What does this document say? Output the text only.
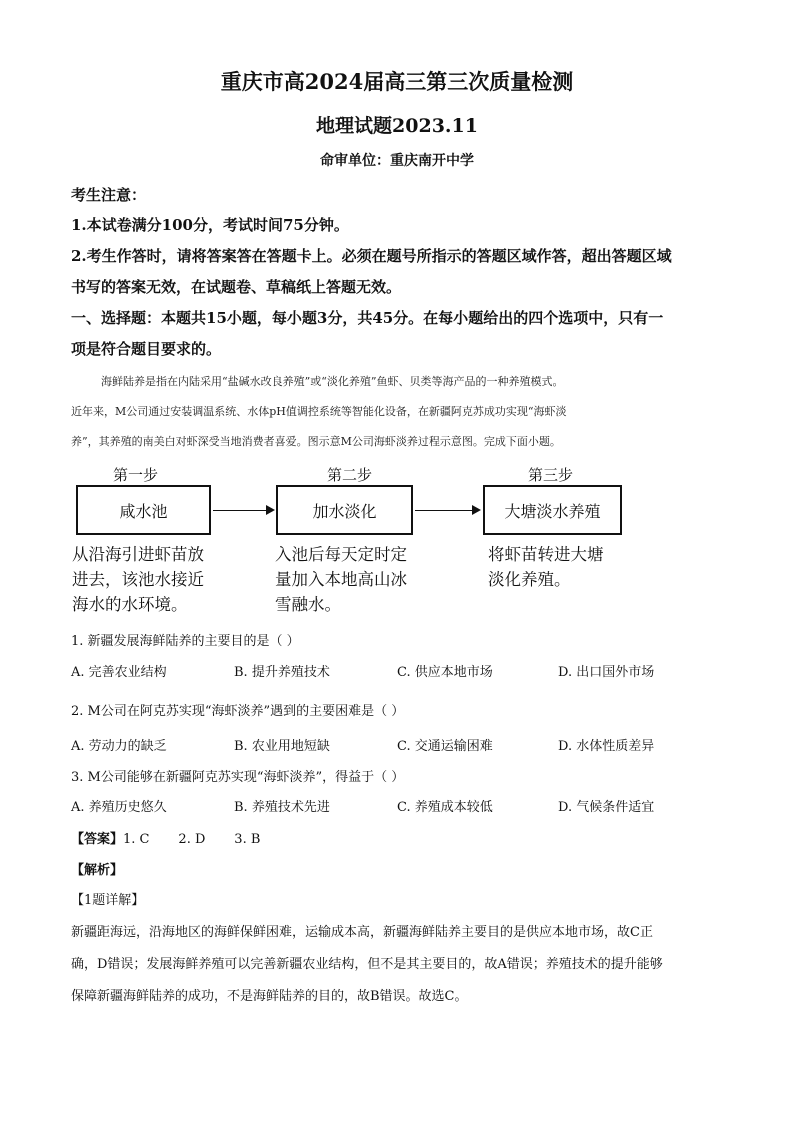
重庆市高2024届高三第三次质量检测
地理试题2023.11
命审单位：重庆南开中学
考生注意：
1.本试卷满分100分，考试时间75分钟。
2.考生作答时，请将答案答在答题卡上。必须在题号所指示的答题区域作答，超出答题区域
书写的答案无效，在试题卷、草稿纸上答题无效。
一、选择题：本题共15小题，每小题3分，共45分。在每小题给出的四个选项中，只有一
项是符合题目要求的。
海鲜陆养是指在内陆采用“盐碱水改良养殖”或“淡化养殖”鱼虾、贝类等海产品的一种养殖模式。
近年来，M公司通过安装调温系统、水体pH值调控系统等智能化设备，在新疆阿克苏成功实现“海虾淡
养”，其养殖的南美白对虾深受当地消费者喜爱。图示意M公司海虾淡养过程示意图。完成下面小题。
第一步	第二步	第三步
咸水池	加水淡化	大塘淡水养殖
从沿海引进虾苗放
进去，该池水接近
海水的水环境。
入池后每天定时定
量加入本地高山冰
雪融水。
将虾苗转进大塘
淡化养殖。
1. 新疆发展海鲜陆养的主要目的是（ ）
A. 完善农业结构	B. 提升养殖技术	C. 供应本地市场	D. 出口国外市场
2. M公司在阿克苏实现“海虾淡养”遇到的主要困难是（ ）
A. 劳动力的缺乏	B. 农业用地短缺	C. 交通运输困难	D. 水体性质差异
3. M公司能够在新疆阿克苏实现“海虾淡养”，得益于（ ）
A. 养殖历史悠久	B. 养殖技术先进	C. 养殖成本较低	D. 气候条件适宜
【答案】1. C       2. D       3. B
【解析】
【1题详解】
新疆距海远，沿海地区的海鲜保鲜困难，运输成本高，新疆海鲜陆养主要目的是供应本地市场，故C正
确，D错误；发展海鲜养殖可以完善新疆农业结构，但不是其主要目的，故A错误；养殖技术的提升能够
保障新疆海鲜陆养的成功，不是海鲜陆养的目的，故B错误。故选C。
